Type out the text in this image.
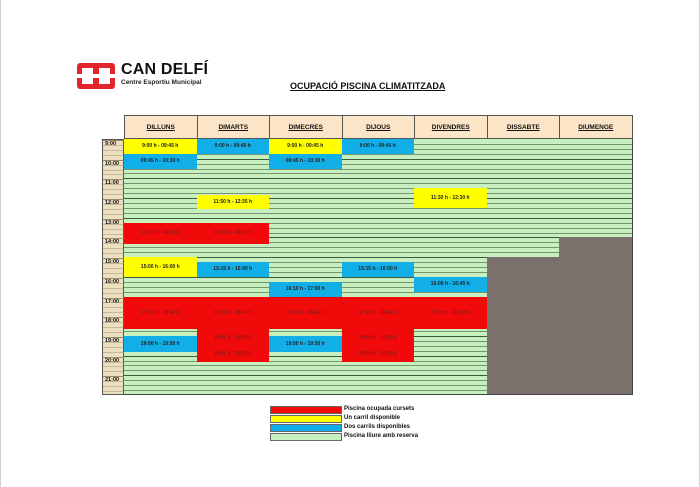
CAN DELFÍ
Centre Esportiu Municipal	OCUPACIÓ PISCINA CLIMATITZADA
9:00
10:00
11:00
12:00
13:00
14:00
15:00
16:00
17:00
18:00
19:00
20:00
21:00
DILLUNS
9:00 h - 09:45 h
09:45 h - 10:30 h
13:20 h - 14:20 h
15:00 h - 16:00 h
17:00 h - 18:40 h
19:00 h - 19:50 h
DIMARTS
9:00 h - 09:45 h
11:50 h - 12:35 h
13:20 h - 14:20 h
15:15 h - 16:00 h
17:00 h - 18:40 h
18:40 h - 19:30 h
19:30 h - 20:20 h
DIMECRES
9:00 h - 09:45 h
09:45 h - 10:30 h
16:10 h - 17:00 h
17:00 h - 18:40 h
19:00 h - 19:50 h
DIJOUS
9:00 h - 09:45 h
15:15 h - 16:00 h
17:00 h - 18:40 h
18:40 h - 19:30 h
19:30 h - 20:20 h
DIVENDRES
11:30 h - 12:30 h
16:00 h - 16:45 h
17:00 h - 18:40 h
DISSABTE	DIUMENGE
Piscina ocupada cursets
Un carril disponible
Dos carrils disponibles
Piscina lliure amb reserva
